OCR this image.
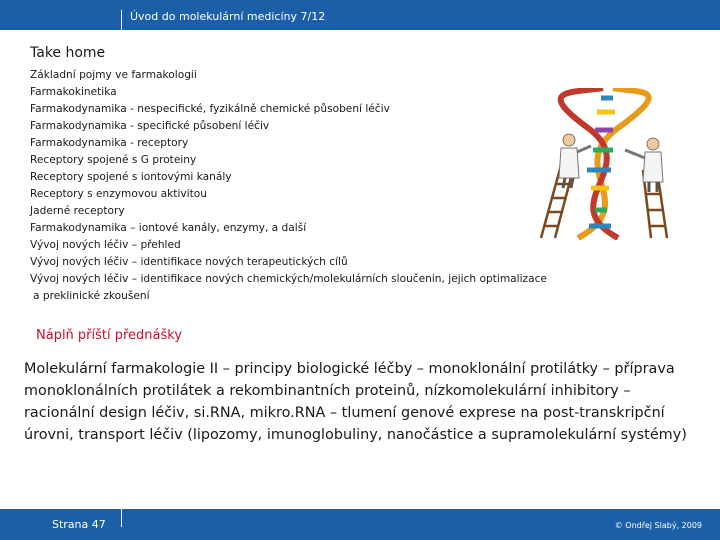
Úvod do molekulární medicíny 7/12
Take home
Základní pojmy ve farmakologii
Farmakokinetika
Farmakodynamika - nespecifické, fyzikálně chemické působení léčiv
Farmakodynamika - specifické působení léčiv
Farmakodynamika - receptory
Receptory spojené s G proteiny
Receptory spojené s iontovými kanály
Receptory s enzymovou aktivitou
Jaderné receptory
Farmakodynamika – iontové kanály, enzymy, a další
Vývoj nových léčiv – přehled
Vývoj nových léčiv – identifikace nových terapeutických cílů
Vývoj nových léčiv – identifikace nových chemických/molekulárních sloučenin, jejich optimalizace
a preklinické zkoušení
Náplň příští přednášky
Molekulární farmakologie II – principy biologické léčby – monoklonální protilátky – příprava monoklonálních protilátek a rekombinantních proteinů, nízkomolekulární inhibitory – racionální design léčiv, si.RNA, mikro.RNA – tlumení genové exprese na post-transkripční úrovni, transport léčiv (lipozomy, imunoglobuliny, nanočástice a supramolekulární systémy)
Strana 47	© Ondřej Slabý, 2009
